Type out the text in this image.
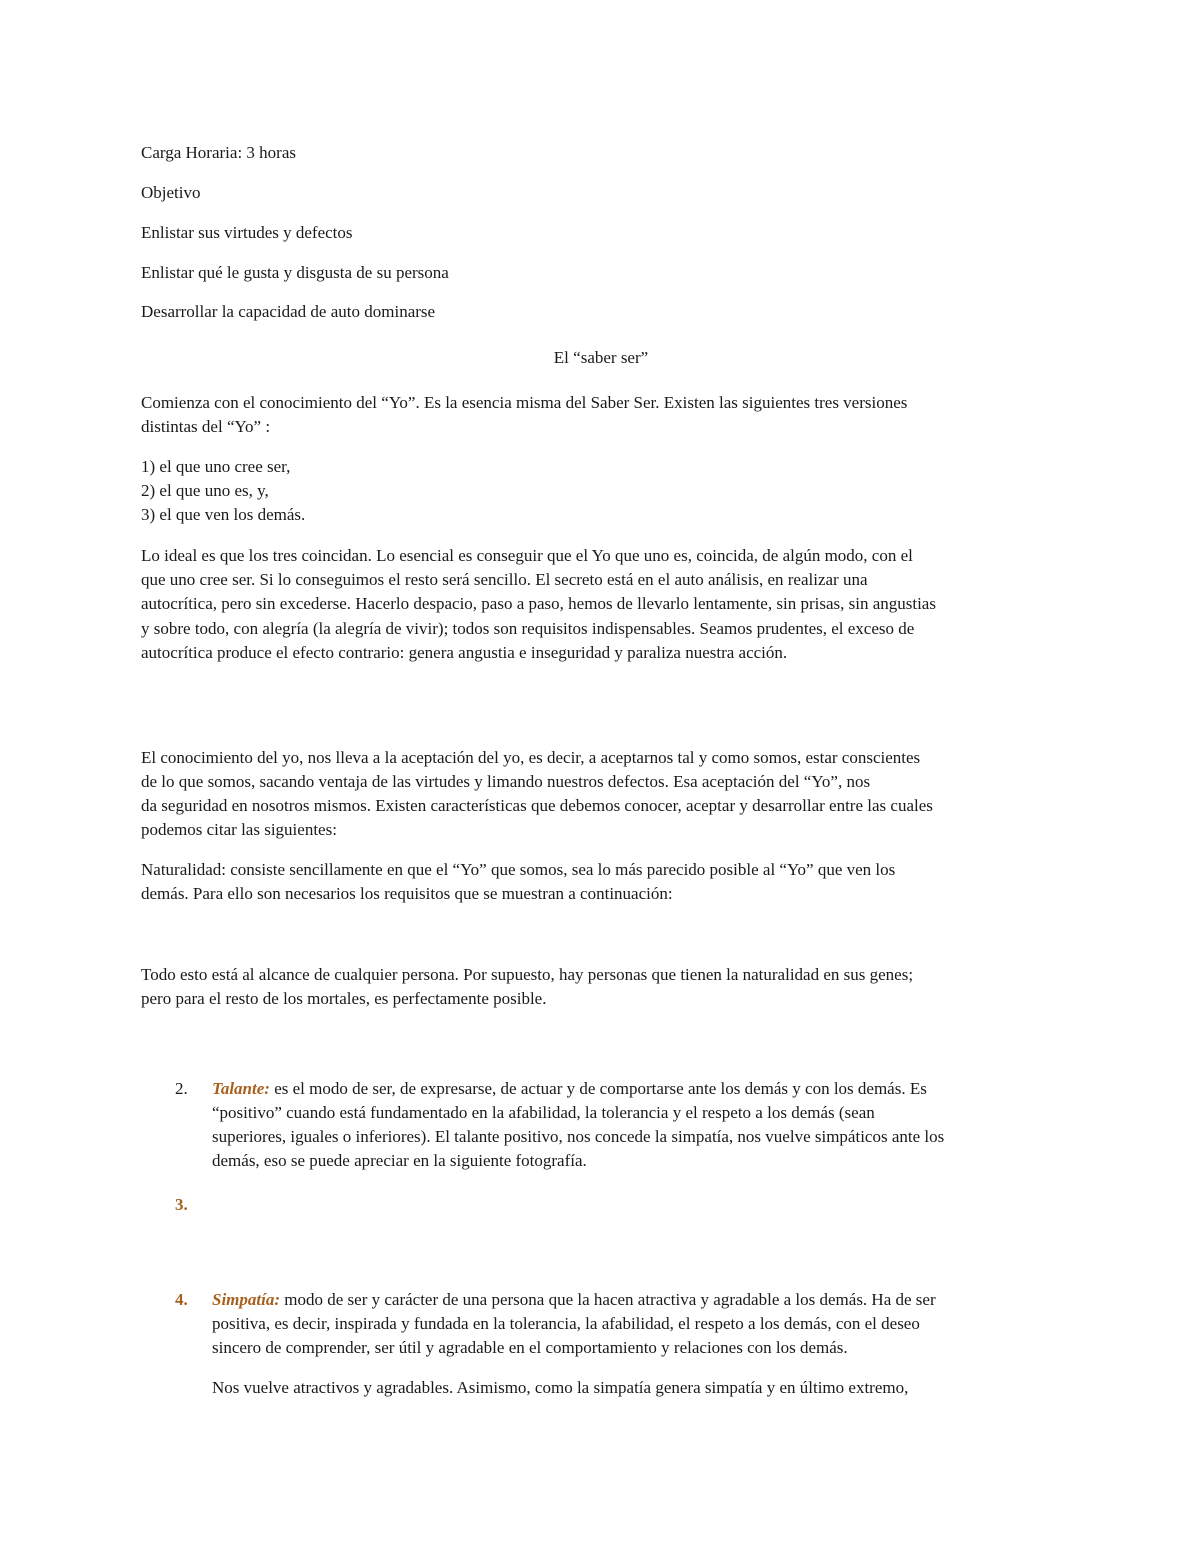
Carga Horaria: 3 horas

Objetivo

Enlistar sus virtudes y defectos

Enlistar qué le gusta y disgusta de su persona

Desarrollar la capacidad de auto dominarse

El “saber ser”

Comienza con el conocimiento del “Yo”. Es la esencia misma del Saber Ser. Existen las siguientes tres versiones

distintas del “Yo” :

1) el que uno cree ser,

2) el que uno es, y,

3) el que ven los demás.

Lo ideal es que los tres coincidan. Lo esencial es conseguir que el Yo que uno es, coincida, de algún modo, con el

que uno cree ser. Si lo conseguimos el resto será sencillo. El secreto está en el auto análisis, en realizar una

autocrítica, pero sin excederse. Hacerlo despacio, paso a paso, hemos de llevarlo lentamente, sin prisas, sin angustias

y sobre todo, con alegría (la alegría de vivir); todos son requisitos indispensables. Seamos prudentes, el exceso de

autocrítica produce el efecto contrario: genera angustia e inseguridad y paraliza nuestra acción.

El conocimiento del yo, nos lleva a la aceptación del yo, es decir, a aceptarnos tal y como somos, estar conscientes

de lo que somos, sacando ventaja de las virtudes y limando nuestros defectos. Esa aceptación del “Yo”, nos

da seguridad en nosotros mismos. Existen características que debemos conocer, aceptar y desarrollar entre las cuales

podemos citar las siguientes:

Naturalidad: consiste sencillamente en que el “Yo” que somos, sea lo más parecido posible al “Yo” que ven los

demás. Para ello son necesarios los requisitos que se muestran a continuación:

Todo esto está al alcance de cualquier persona. Por supuesto, hay personas que tienen la naturalidad en sus genes;

pero para el resto de los mortales, es perfectamente posible.

2. Talante: es el modo de ser, de expresarse, de actuar y de comportarse ante los demás y con los demás. Es

“positivo” cuando está fundamentado en la afabilidad, la tolerancia y el respeto a los demás (sean

superiores, iguales o inferiores). El talante positivo, nos concede la simpatía, nos vuelve simpáticos ante los

demás, eso se puede apreciar en la siguiente fotografía.

3.
4. Simpatía: modo de ser y carácter de una persona que la hacen atractiva y agradable a los demás. Ha de ser

positiva, es decir, inspirada y fundada en la tolerancia, la afabilidad, el respeto a los demás, con el deseo

sincero de comprender, ser útil y agradable en el comportamiento y relaciones con los demás.

Nos vuelve atractivos y agradables. Asimismo, como la simpatía genera simpatía y en último extremo,
